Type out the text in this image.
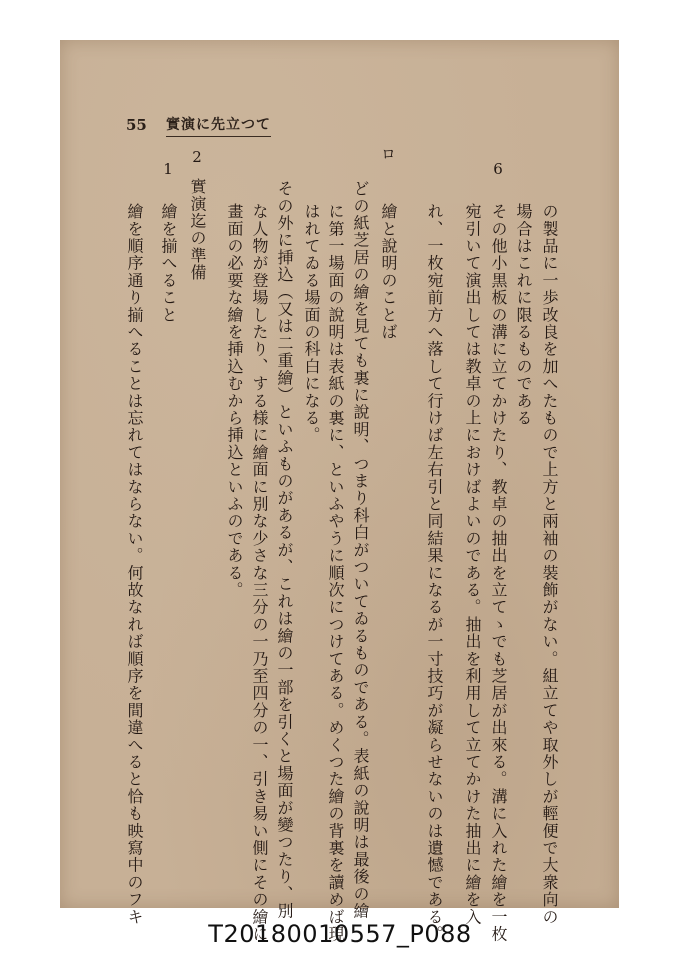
55 實演に先立つて
の製品に一歩改良を加へたもので上方と兩袖の裝飾がない。組立てや取外しが輕便で大衆向の
場合はこれに限るものである
6
その他小黒板の溝に立てかけたり、教卓の抽出を立てゝでも芝居が出來る。溝に入れた繪を一枚
宛引いて演出しては教卓の上におけばよいのである。抽出を利用して立てかけた抽出に繪を入
れ、一枚宛前方へ落して行けば左右引と同結果になるが一寸技巧が凝らせないのは遺憾である。
ロ
繪と說明のことば
どの紙芝居の繪を見ても裏に說明、つまり科白がついてゐるものである。表紙の說明は最後の繪
に第一場面の說明は表紙の裏に、といふやうに順次につけてある。めくつた繪の背裏を讀めば現
はれてゐる場面の科白になる。
その外に挿込（又は二重繪）といふものがあるが、これは繪の一部を引くと場面が變つたり、別
な人物が登場したり、する様に繪面に別な少さな三分の一乃至四分の一、引き易い側にその繪に
畫面の必要な繪を挿込むから挿込といふのである。
2
實演迄の準備
1
繪を揃へること
繪を順序通り揃へることは忘れてはならない。何故なれば順序を間違へると恰も映寫中のフキ
T20180010557_P088
